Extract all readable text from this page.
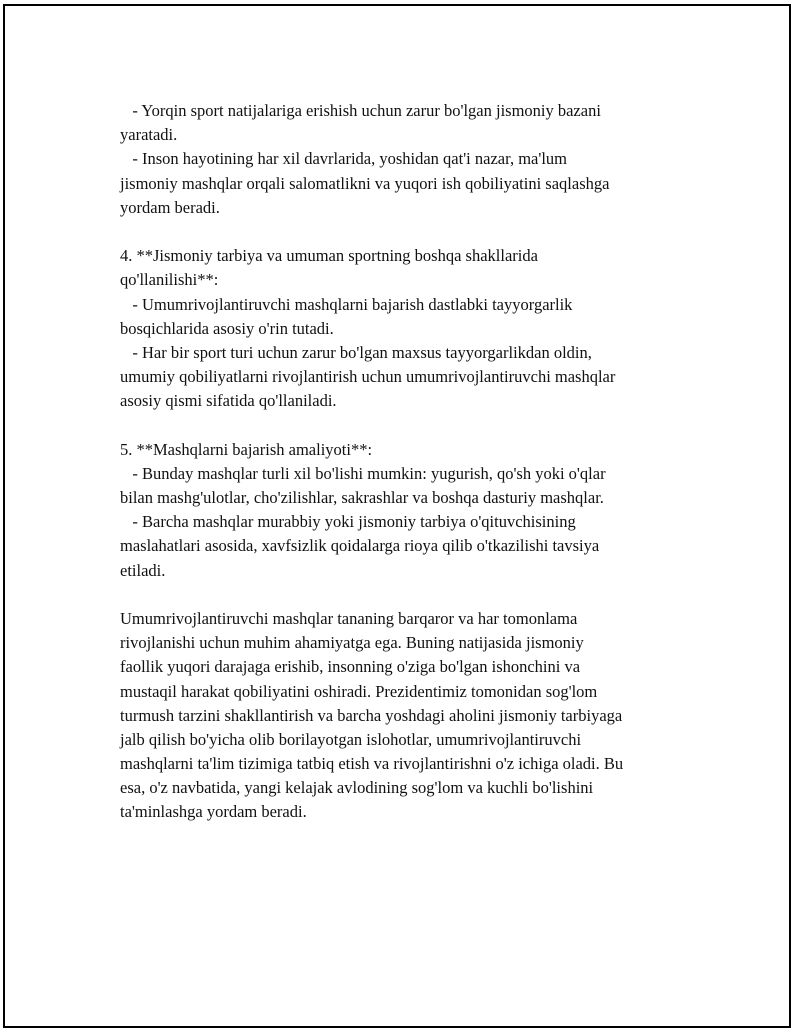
- Yorqin sport natijalariga erishish uchun zarur bo'lgan jismoniy bazani
yaratadi.
- Inson hayotining har xil davrlarida, yoshidan qat'i nazar, ma'lum
jismoniy mashqlar orqali salomatlikni va yuqori ish qobiliyatini saqlashga
yordam beradi.
4. **Jismoniy tarbiya va umuman sportning boshqa shakllarida
qo'llanilishi**:
- Umumrivojlantiruvchi mashqlarni bajarish dastlabki tayyorgarlik
bosqichlarida asosiy o'rin tutadi.
- Har bir sport turi uchun zarur bo'lgan maxsus tayyorgarlikdan oldin,
umumiy qobiliyatlarni rivojlantirish uchun umumrivojlantiruvchi mashqlar
asosiy qismi sifatida qo'llaniladi.
5. **Mashqlarni bajarish amaliyoti**:
- Bunday mashqlar turli xil bo'lishi mumkin: yugurish, qo'sh yoki o'qlar
bilan mashg'ulotlar, cho'zilishlar, sakrashlar va boshqa dasturiy mashqlar.
- Barcha mashqlar murabbiy yoki jismoniy tarbiya o'qituvchisining
maslahatlari asosida, xavfsizlik qoidalarga rioya qilib o'tkazilishi tavsiya
etiladi.
Umumrivojlantiruvchi mashqlar tananing barqaror va har tomonlama
rivojlanishi uchun muhim ahamiyatga ega. Buning natijasida jismoniy
faollik yuqori darajaga erishib, insonning o'ziga bo'lgan ishonchini va
mustaqil harakat qobiliyatini oshiradi. Prezidentimiz tomonidan sog'lom
turmush tarzini shakllantirish va barcha yoshdagi aholini jismoniy tarbiyaga
jalb qilish bo'yicha olib borilayotgan islohotlar, umumrivojlantiruvchi
mashqlarni ta'lim tizimiga tatbiq etish va rivojlantirishni o'z ichiga oladi. Bu
esa, o'z navbatida, yangi kelajak avlodining sog'lom va kuchli bo'lishini
ta'minlashga yordam beradi.
